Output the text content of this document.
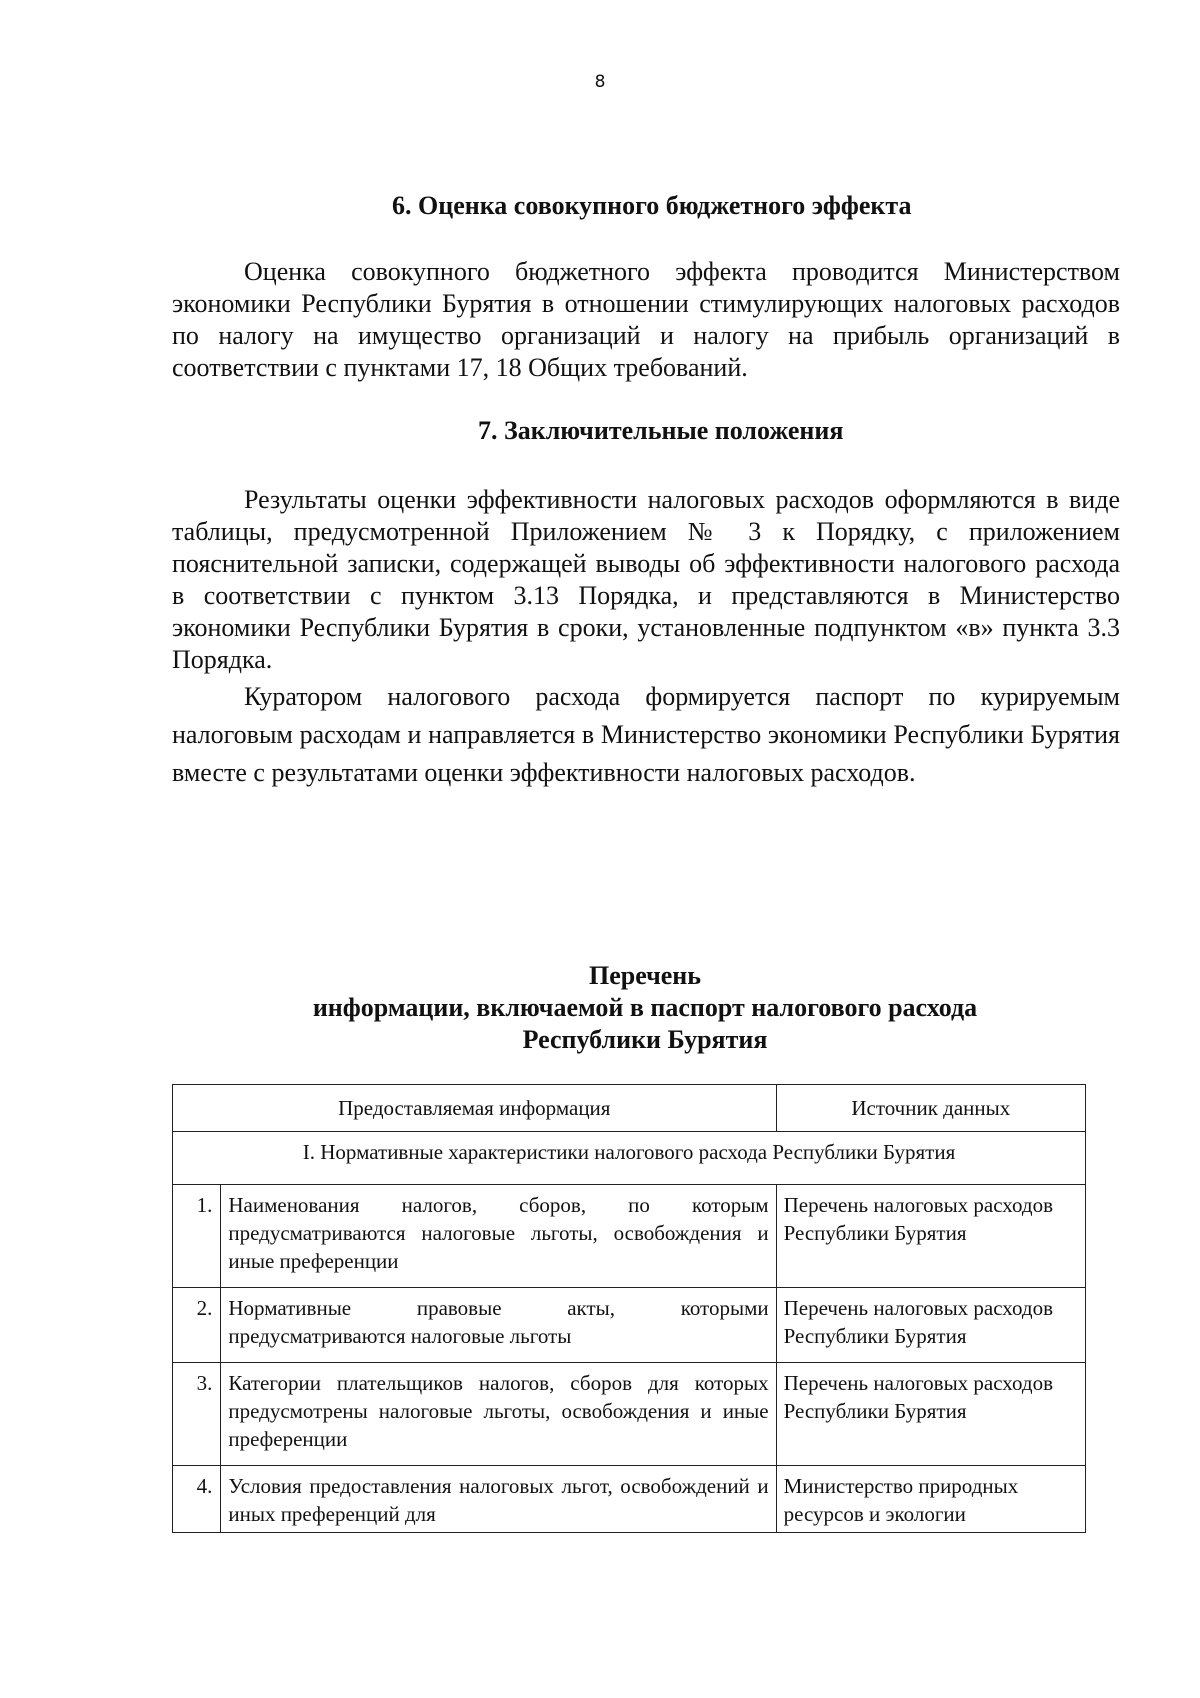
8
6. Оценка совокупного бюджетного эффекта
Оценка совокупного бюджетного эффекта проводится Министерством экономики Республики Бурятия в отношении стимулирующих налоговых расходов по налогу на имущество организаций и налогу на прибыль организаций в соответствии с пунктами 17, 18 Общих требований.
7. Заключительные положения
Результаты оценки эффективности налоговых расходов оформляются в виде таблицы, предусмотренной Приложением № 3 к Порядку, с приложением пояснительной записки, содержащей выводы об эффективности налогового расхода в соответствии с пунктом 3.13 Порядка, и представляются в Министерство экономики Республики Бурятия в сроки, установленные подпунктом «в» пункта 3.3 Порядка.
Куратором налогового расхода формируется паспорт по курируемым налоговым расходам и направляется в Министерство экономики Республики Бурятия вместе с результатами оценки эффективности налоговых расходов.
Перечень
информации, включаемой в паспорт налогового расхода
Республики Бурятия
Предоставляемая информация		Источник данных
I. Нормативные характеристики налогового расхода Республики Бурятия		
1.	Наименования налогов, сборов, по которым предусматриваются налоговые льготы, освобождения и иные преференции	Перечень налоговых расходов Республики Бурятия
2.	Нормативные правовые акты, которыми предусматриваются налоговые льготы	Перечень налоговых расходов Республики Бурятия
3.	Категории плательщиков налогов, сборов для которых предусмотрены налоговые льготы, освобождения и иные преференции	Перечень налоговых расходов Республики Бурятия
4.	Условия предоставления налоговых льгот, освобождений и иных преференций для	Министерство природных ресурсов и экологии
